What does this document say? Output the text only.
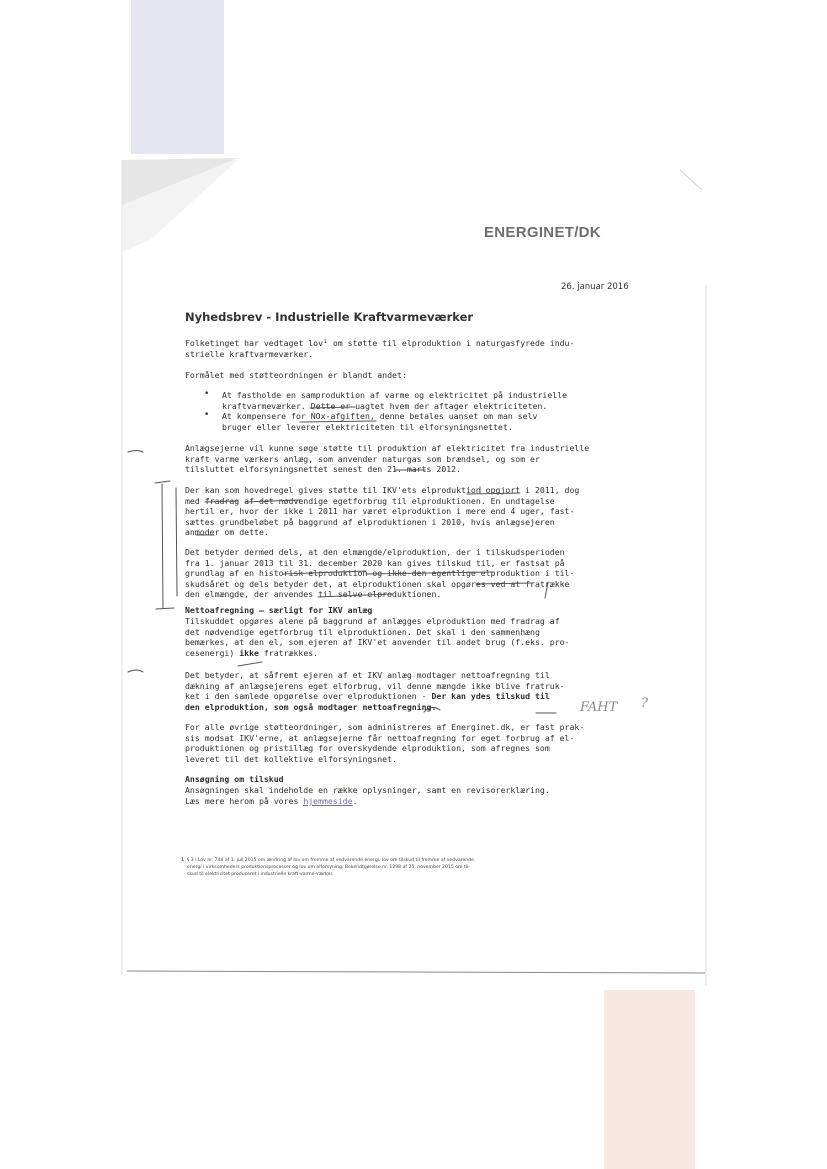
ENERGINET/DK
26. januar 2016
Nyhedsbrev - Industrielle Kraftvarmeværker
Folketinget har vedtaget lov¹ om støtte til elproduktion i naturgasfyrede indu-
strielle kraftvarmeværker.
Formålet med støtteordningen er blandt andet:
• At fastholde en samproduktion af varme og elektricitet på industrielle
kraftvarmeværker. Dette er uagtet hvem der aftager elektriciteten.
• At kompensere for NOx-afgiften, denne betales uanset om man selv
bruger eller leverer elektriciteten til elforsyningsnettet.
Anlægsejerne vil kunne søge støtte til produktion af elektricitet fra industrielle
kraft varme værkers anlæg, som anvender naturgas som brændsel, og som er
tilsluttet elforsyningsnettet senest den 21. marts 2012.
Der kan som hovedregel gives støtte til IKV'ets elproduktion opgjort i 2011, dog
med fradrag af det nødvendige egetforbrug til elproduktionen. En undtagelse
hertil er, hvor der ikke i 2011 har været elproduktion i mere end 4 uger, fast-
sættes grundbeløbet på baggrund af elproduktionen i 2010, hvis anlægsejeren
anmoder om dette.
Det betyder dermed dels, at den elmængde/elproduktion, der i tilskudsperioden
fra 1. januar 2013 til 31. december 2020 kan gives tilskud til, er fastsat på
grundlag af en historisk elproduktion og ikke den egentlige elproduktion i til-
skudsåret og dels betyder det, at elproduktionen skal opgøres ved at fratrække
den elmængde, der anvendes til selve elproduktionen.
Nettoafregning – særligt for IKV anlæg
Tilskuddet opgøres alene på baggrund af anlægges elproduktion med fradrag af
det nødvendige egetforbrug til elproduktionen. Det skal i den sammenhæng
bemærkes, at den el, som ejeren af IKV'et anvender til andet brug (f.eks. pro-
cesenergi) ikke fratrækkes.
Det betyder, at såfremt ejeren af et IKV anlæg modtager nettoafregning til
dækning af anlægsejerens eget elforbrug, vil denne mængde ikke blive fratruk-
ket i den samlede opgørelse over elproduktionen - Der kan ydes tilskud til
den elproduktion, som også modtager nettoafregning.
For alle øvrige støtteordninger, som administreres af Energinet.dk, er fast prak-
sis modsat IKV'erne, at anlægsejerne får nettoafregning for eget forbrug af el-
produktionen og pristillæg for overskydende elproduktion, som afregnes som
leveret til det kollektive elforsyningsnet.
Ansøgning om tilskud
Ansøgningen skal indeholde en række oplysninger, samt en revisorerklæring.
Læs mere herom på vores hjemmeside.
1 § 3 i Lov nr. 744 af 1. juli 2015 om ændring af lov om fremme af vedvarende energi, lov om tilskud til fremme af vedvarende
energi i virksomheders produktionsprocesser og lov om elforsyning. Bekendtgørelse nr. 1298 af 25. november 2015 om til-
skud til elektricitet produceret i industrielle kraft-varme-værker.
FAHT ?
